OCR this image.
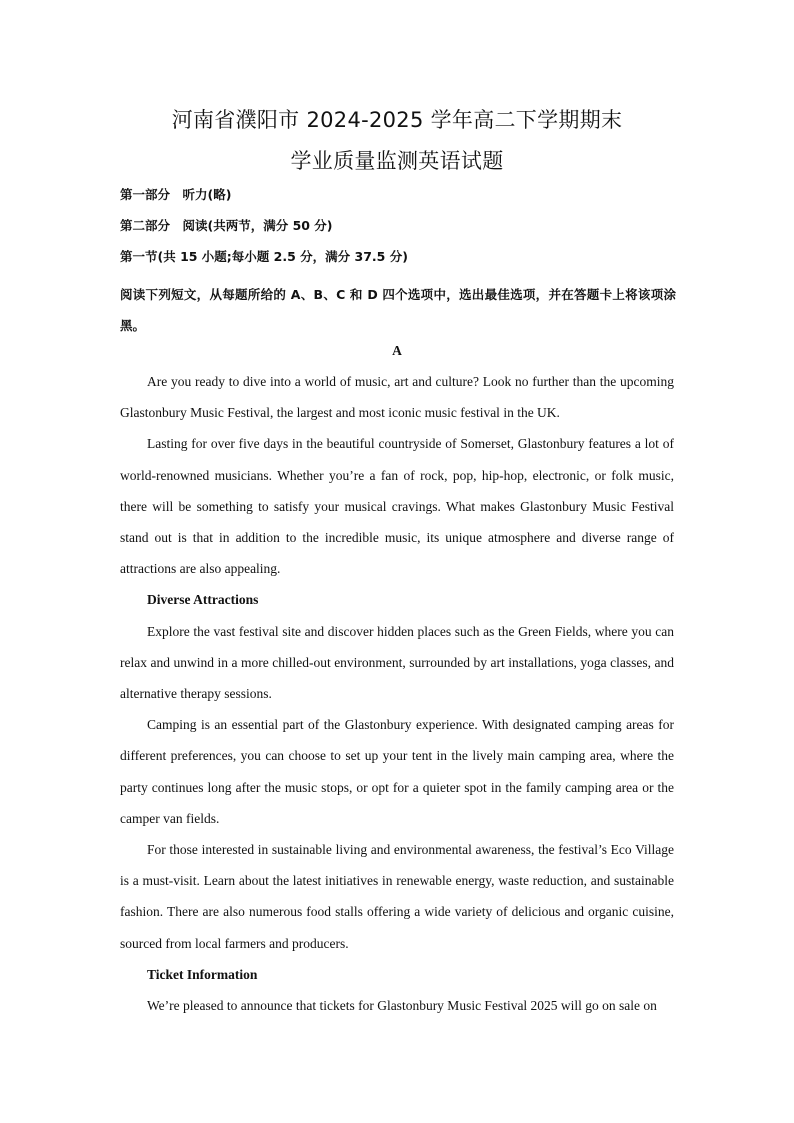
河南省濮阳市 2024-2025 学年高二下学期期末
学业质量监测英语试题
第一部分　听力(略)
第二部分　阅读(共两节，满分 50 分)
第一节(共 15 小题;每小题 2.5 分，满分 37.5 分)

阅读下列短文，从每题所给的 A、B、C 和 D 四个选项中，选出最佳选项，并在答题卡上将该项涂黑。

A

Are you ready to dive into a world of music, art and culture? Look no further than the upcoming Glastonbury Music Festival, the largest and most iconic music festival in the UK.

Lasting for over five days in the beautiful countryside of Somerset, Glastonbury features a lot of world-renowned musicians. Whether you’re a fan of rock, pop, hip-hop, electronic, or folk music, there will be something to satisfy your musical cravings. What makes Glastonbury Music Festival stand out is that in addition to the incredible music, its unique atmosphere and diverse range of attractions are also appealing.

Diverse Attractions

Explore the vast festival site and discover hidden places such as the Green Fields, where you can relax and unwind in a more chilled-out environment, surrounded by art installations, yoga classes, and alternative therapy sessions.

Camping is an essential part of the Glastonbury experience. With designated camping areas for different preferences, you can choose to set up your tent in the lively main camping area, where the party continues long after the music stops, or opt for a quieter spot in the family camping area or the camper van fields.

For those interested in sustainable living and environmental awareness, the festival’s Eco Village is a must-visit. Learn about the latest initiatives in renewable energy, waste reduction, and sustainable fashion. There are also numerous food stalls offering a wide variety of delicious and organic cuisine, sourced from local farmers and producers.

Ticket Information

We’re pleased to announce that tickets for Glastonbury Music Festival 2025 will go on sale on
